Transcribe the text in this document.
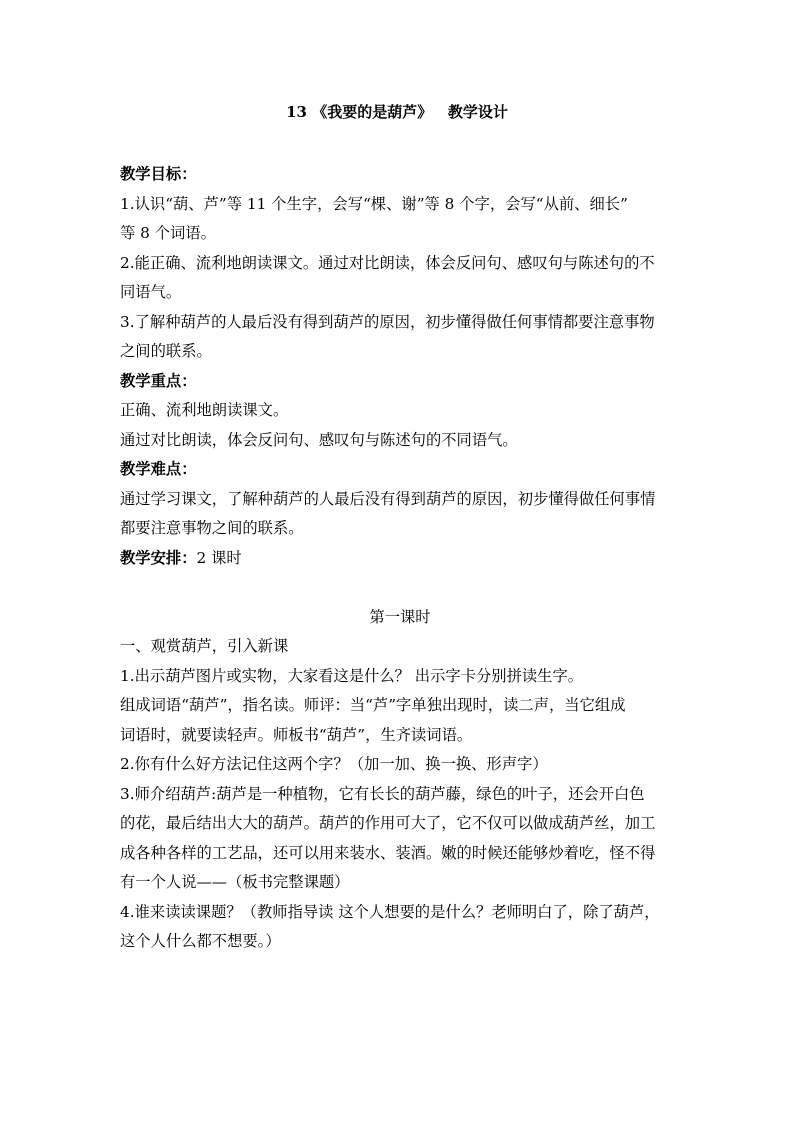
13 《我要的是葫芦》   教学设计
教学目标：
1.认识“葫、芦”等 11 个生字，会写“棵、谢”等 8 个字，会写“从前、细长”
等 8 个词语。
2.能正确、流利地朗读课文。通过对比朗读，体会反问句、感叹句与陈述句的不
同语气。
3.了解种葫芦的人最后没有得到葫芦的原因，初步懂得做任何事情都要注意事物
之间的联系。
教学重点：
正确、流利地朗读课文。
通过对比朗读，体会反问句、感叹句与陈述句的不同语气。
教学难点：
通过学习课文，了解种葫芦的人最后没有得到葫芦的原因，初步懂得做任何事情
都要注意事物之间的联系。
教学安排：2 课时
第一课时
一、观赏葫芦，引入新课
1.出示葫芦图片或实物，大家看这是什么？ 出示字卡分别拼读生字。
组成词语“葫芦”，指名读。师评：当“芦”字单独出现时，读二声，当它组成
词语时，就要读轻声。师板书“葫芦”，生齐读词语。
2.你有什么好方法记住这两个字？（加一加、换一换、形声字）
3.师介绍葫芦:葫芦是一种植物，它有长长的葫芦藤，绿色的叶子，还会开白色
的花，最后结出大大的葫芦。葫芦的作用可大了，它不仅可以做成葫芦丝，加工
成各种各样的工艺品，还可以用来装水、装酒。嫩的时候还能够炒着吃，怪不得
有一个人说——（板书完整课题）
4.谁来读读课题？（教师指导读 这个人想要的是什么？老师明白了，除了葫芦，
这个人什么都不想要。）
